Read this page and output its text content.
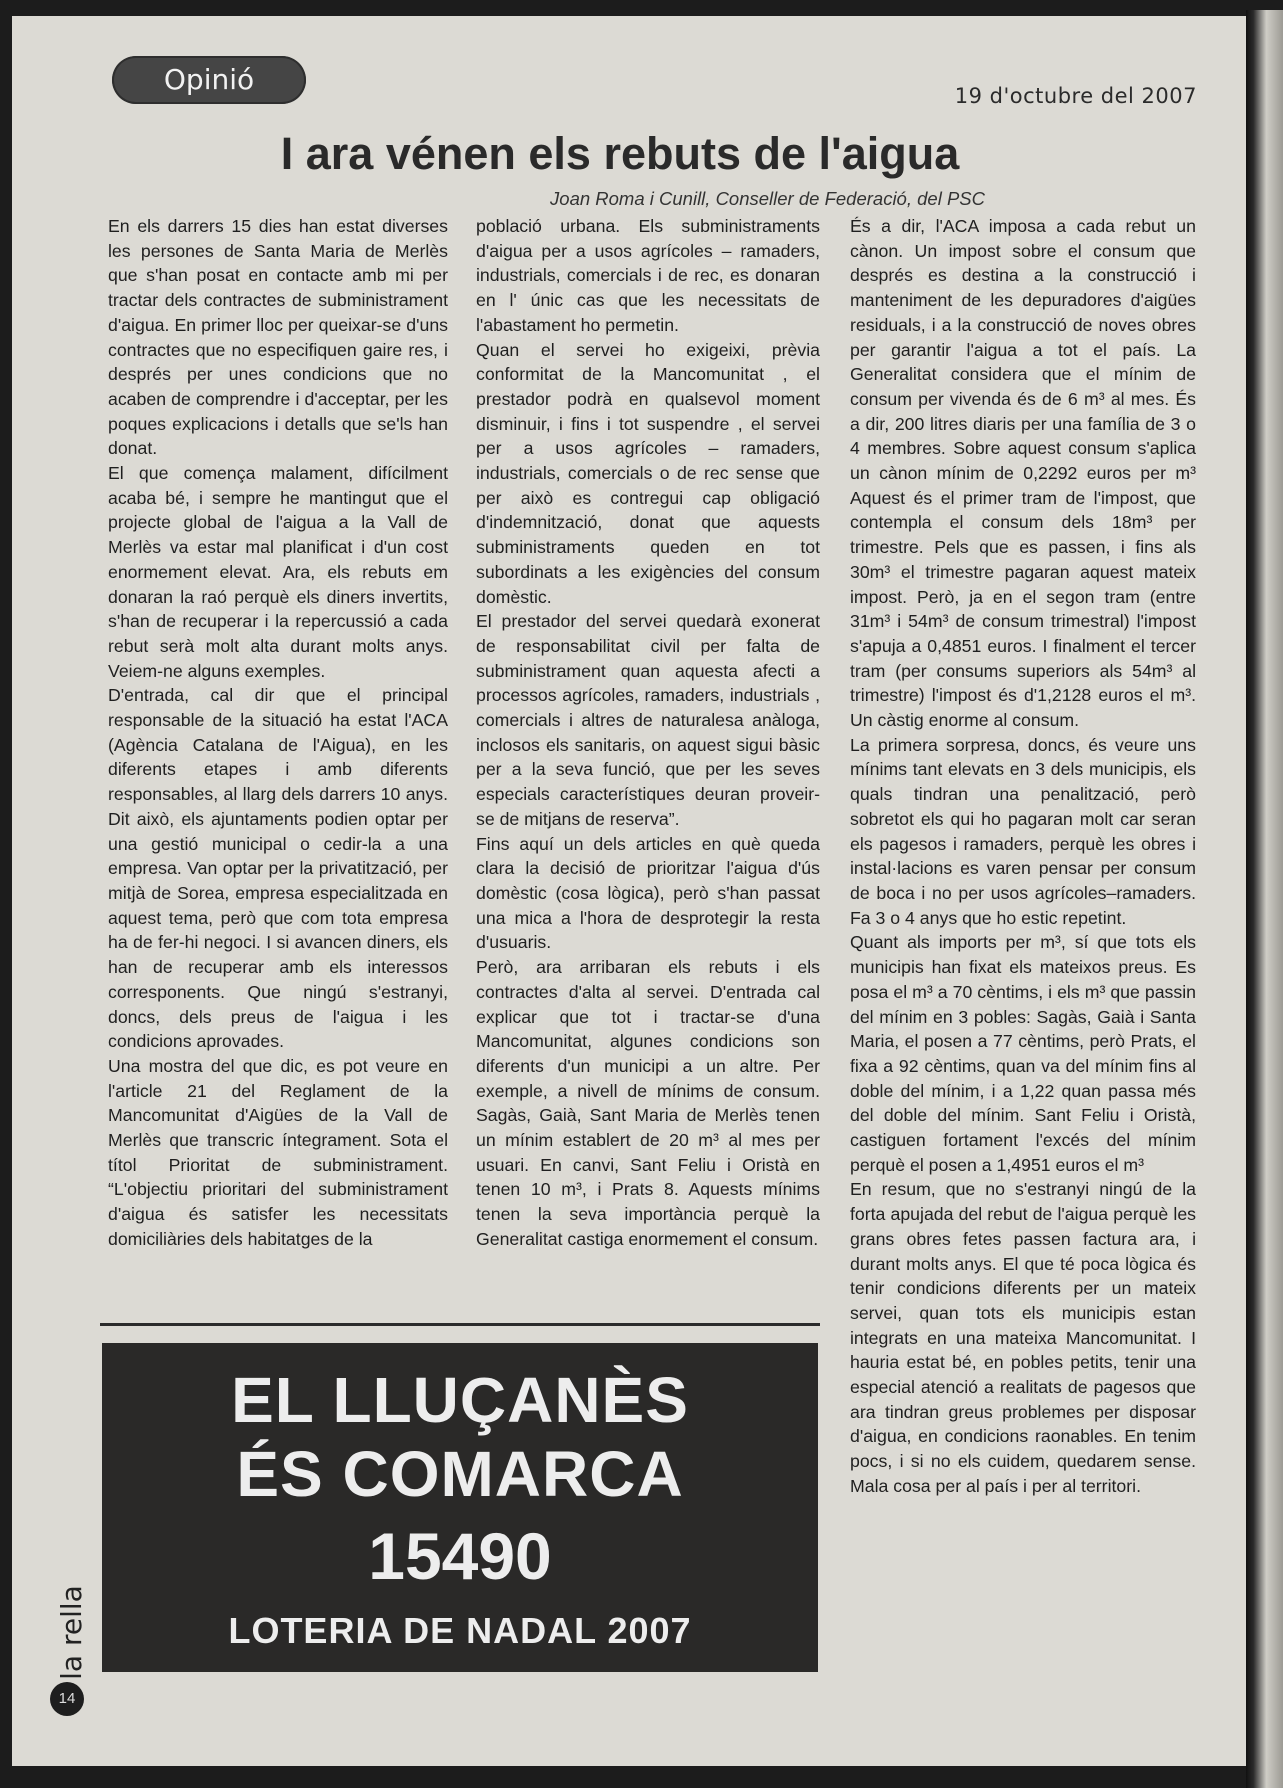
Opinió	19 d'octubre del 2007
I ara vénen els rebuts de l'aigua
Joan Roma i Cunill, Conseller de Federació, del PSC

En els darrers 15 dies han estat diverses les persones de Santa Maria de Merlès que s'han posat en contacte amb mi per tractar dels contractes de subministrament d'aigua. En primer lloc per queixar-se d'uns contractes que no especifiquen gaire res, i després per unes condicions que no acaben de comprendre i d'acceptar, per les poques explicacions i detalls que se'ls han donat.

El que comença malament, difícilment acaba bé, i sempre he mantingut que el projecte global de l'aigua a la Vall de Merlès va estar mal planificat i d'un cost enormement elevat. Ara, els rebuts em donaran la raó perquè els diners invertits, s'han de recuperar i la repercussió a cada rebut serà molt alta durant molts anys. Veiem-ne alguns exemples.

D'entrada, cal dir que el principal responsable de la situació ha estat l'ACA (Agència Catalana de l'Aigua), en les diferents etapes i amb diferents responsables, al llarg dels darrers 10 anys. Dit això, els ajuntaments podien optar per una gestió municipal o cedir-la a una empresa. Van optar per la privatització, per mitjà de Sorea, empresa especialitzada en aquest tema, però que com tota empresa ha de fer-hi negoci. I si avancen diners, els han de recuperar amb els interessos corresponents. Que ningú s'estranyi, doncs, dels preus de l'aigua i les condicions aprovades.

Una mostra del que dic, es pot veure en l'article 21 del Reglament de la Mancomunitat d'Aigües de la Vall de Merlès que transcric íntegrament. Sota el títol Prioritat de subministrament. “L'objectiu prioritari del subministrament d'aigua és satisfer les necessitats domiciliàries dels habitatges de la

població urbana. Els subministraments d'aigua per a usos agrícoles – ramaders, industrials, comercials i de rec, es donaran en l' únic cas que les necessitats de l'abastament ho permetin.

Quan el servei ho exigeixi, prèvia conformitat de la Mancomunitat , el prestador podrà en qualsevol moment disminuir, i fins i tot suspendre , el servei per a usos agrícoles – ramaders, industrials, comercials o de rec sense que per això es contregui cap obligació d'indemnització, donat que aquests subministraments queden en tot subordinats a les exigències del consum domèstic.

El prestador del servei quedarà exonerat de responsabilitat civil per falta de subministrament quan aquesta afecti a processos agrícoles, ramaders, industrials , comercials i altres de naturalesa anàloga, inclosos els sanitaris, on aquest sigui bàsic per a la seva funció, que per les seves especials característiques deuran proveir-se de mitjans de reserva”.

Fins aquí un dels articles en què queda clara la decisió de prioritzar l'aigua d'ús domèstic (cosa lògica), però s'han passat una mica a l'hora de desprotegir la resta d'usuaris.

Però, ara arribaran els rebuts i els contractes d'alta al servei. D'entrada cal explicar que tot i tractar-se d'una Mancomunitat, algunes condicions son diferents d'un municipi a un altre. Per exemple, a nivell de mínims de consum. Sagàs, Gaià, Sant Maria de Merlès tenen un mínim establert de 20 m³ al mes per usuari. En canvi, Sant Feliu i Oristà en tenen 10 m³, i Prats 8. Aquests mínims tenen la seva importància perquè la Generalitat castiga enormement el consum.

És a dir, l'ACA imposa a cada rebut un cànon. Un impost sobre el consum que després es destina a la construcció i manteniment de les depuradores d'aigües residuals, i a la construcció de noves obres per garantir l'aigua a tot el país. La Generalitat considera que el mínim de consum per vivenda és de 6 m³ al mes. És a dir, 200 litres diaris per una família de 3 o 4 membres. Sobre aquest consum s'aplica un cànon mínim de 0,2292 euros per m³ Aquest és el primer tram de l'impost, que contempla el consum dels 18m³ per trimestre. Pels que es passen, i fins als 30m³ el trimestre pagaran aquest mateix impost. Però, ja en el segon tram (entre 31m³ i 54m³ de consum trimestral) l'impost s'apuja a 0,4851 euros. I finalment el tercer tram (per consums superiors als 54m³ al trimestre) l'impost és d'1,2128 euros el m³. Un càstig enorme al consum.

La primera sorpresa, doncs, és veure uns mínims tant elevats en 3 dels municipis, els quals tindran una penalització, però sobretot els qui ho pagaran molt car seran els pagesos i ramaders, perquè les obres i instal·lacions es varen pensar per consum de boca i no per usos agrícoles–ramaders. Fa 3 o 4 anys que ho estic repetint.

Quant als imports per m³, sí que tots els municipis han fixat els mateixos preus. Es posa el m³ a 70 cèntims, i els m³ que passin del mínim en 3 pobles: Sagàs, Gaià i Santa Maria, el posen a 77 cèntims, però Prats, el fixa a 92 cèntims, quan va del mínim fins al doble del mínim, i a 1,22 quan passa més del doble del mínim. Sant Feliu i Oristà, castiguen fortament l'excés del mínim perquè el posen a 1,4951 euros el m³

En resum, que no s'estranyi ningú de la forta apujada del rebut de l'aigua perquè les grans obres fetes passen factura ara, i durant molts anys. El que té poca lògica és tenir condicions diferents per un mateix servei, quan tots els municipis estan integrats en una mateixa Mancomunitat. I hauria estat bé, en pobles petits, tenir una especial atenció a realitats de pagesos que ara tindran greus problemes per disposar d'aigua, en condicions raonables. En tenim pocs, i si no els cuidem, quedarem sense. Mala cosa per al país i per al territori.

EL LLUÇANÈS
ÉS COMARCA
15490
LOTERIA DE NADAL 2007
la rella
14
